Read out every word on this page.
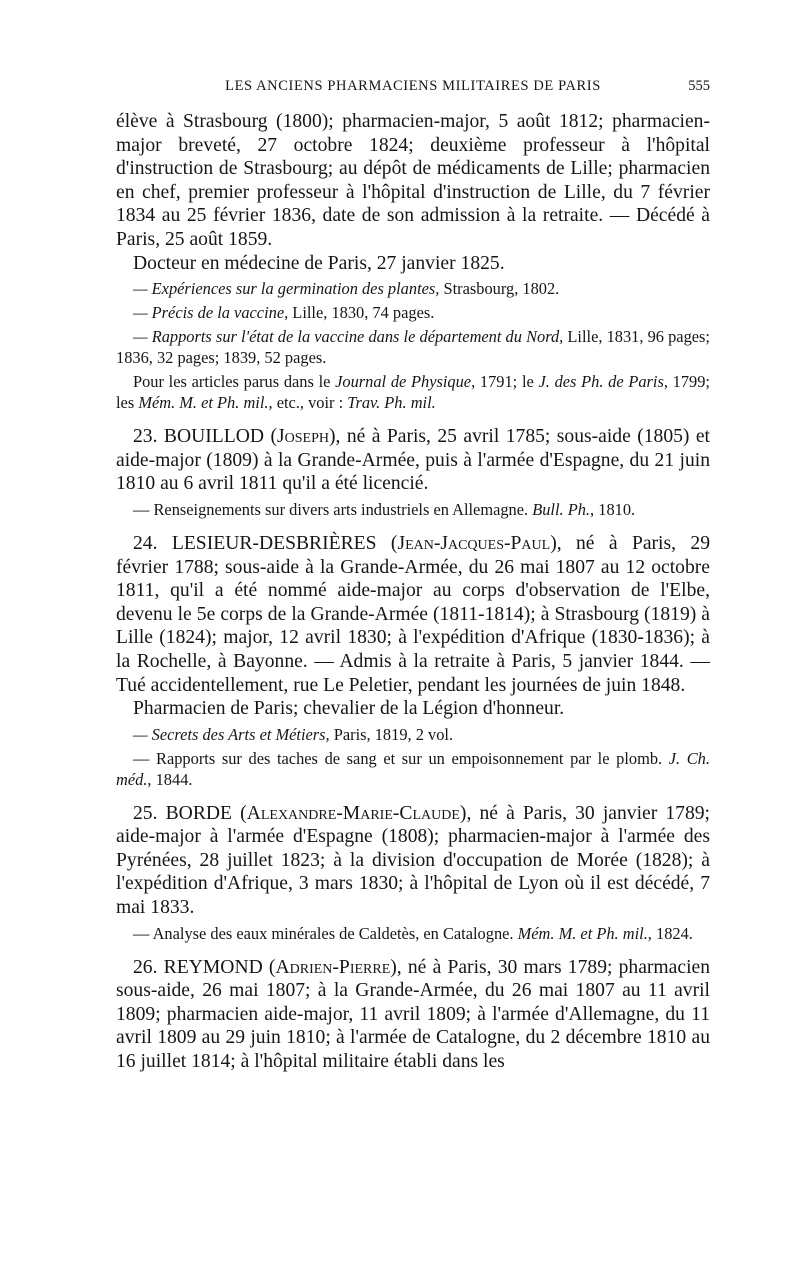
LES ANCIENS PHARMACIENS MILITAIRES DE PARIS	555

élève à Strasbourg (1800); pharmacien-major, 5 août 1812; pharmacien-major breveté, 27 octobre 1824; deuxième professeur à l'hôpital d'instruction de Strasbourg; au dépôt de médicaments de Lille; pharmacien en chef, premier professeur à l'hôpital d'instruction de Lille, du 7 février 1834 au 25 février 1836, date de son admission à la retraite. — Décédé à Paris, 25 août 1859.

Docteur en médecine de Paris, 27 janvier 1825.

— Expériences sur la germination des plantes, Strasbourg, 1802.

— Précis de la vaccine, Lille, 1830, 74 pages.

— Rapports sur l'état de la vaccine dans le département du Nord, Lille, 1831, 96 pages; 1836, 32 pages; 1839, 52 pages.

Pour les articles parus dans le Journal de Physique, 1791; le J. des Ph. de Paris, 1799; les Mém. M. et Ph. mil., etc., voir : Trav. Ph. mil.

23. BOUILLOD (Joseph), né à Paris, 25 avril 1785; sous-aide (1805) et aide-major (1809) à la Grande-Armée, puis à l'armée d'Espagne, du 21 juin 1810 au 6 avril 1811 qu'il a été licencié.

— Renseignements sur divers arts industriels en Allemagne. Bull. Ph., 1810.

24. LESIEUR-DESBRIÈRES (Jean-Jacques-Paul), né à Paris, 29 février 1788; sous-aide à la Grande-Armée, du 26 mai 1807 au 12 octobre 1811, qu'il a été nommé aide-major au corps d'observation de l'Elbe, devenu le 5e corps de la Grande-Armée (1811-1814); à Strasbourg (1819) à Lille (1824); major, 12 avril 1830; à l'expédition d'Afrique (1830-1836); à la Rochelle, à Bayonne. — Admis à la retraite à Paris, 5 janvier 1844. — Tué accidentellement, rue Le Peletier, pendant les journées de juin 1848.

Pharmacien de Paris; chevalier de la Légion d'honneur.

— Secrets des Arts et Métiers, Paris, 1819, 2 vol.

— Rapports sur des taches de sang et sur un empoisonnement par le plomb. J. Ch. méd., 1844.

25. BORDE (Alexandre-Marie-Claude), né à Paris, 30 janvier 1789; aide-major à l'armée d'Espagne (1808); pharmacien-major à l'armée des Pyrénées, 28 juillet 1823; à la division d'occupation de Morée (1828); à l'expédition d'Afrique, 3 mars 1830; à l'hôpital de Lyon où il est décédé, 7 mai 1833.

— Analyse des eaux minérales de Caldetès, en Catalogne. Mém. M. et Ph. mil., 1824.

26. REYMOND (Adrien-Pierre), né à Paris, 30 mars 1789; pharmacien sous-aide, 26 mai 1807; à la Grande-Armée, du 26 mai 1807 au 11 avril 1809; pharmacien aide-major, 11 avril 1809; à l'armée d'Allemagne, du 11 avril 1809 au 29 juin 1810; à l'armée de Catalogne, du 2 décembre 1810 au 16 juillet 1814; à l'hôpital militaire établi dans les
